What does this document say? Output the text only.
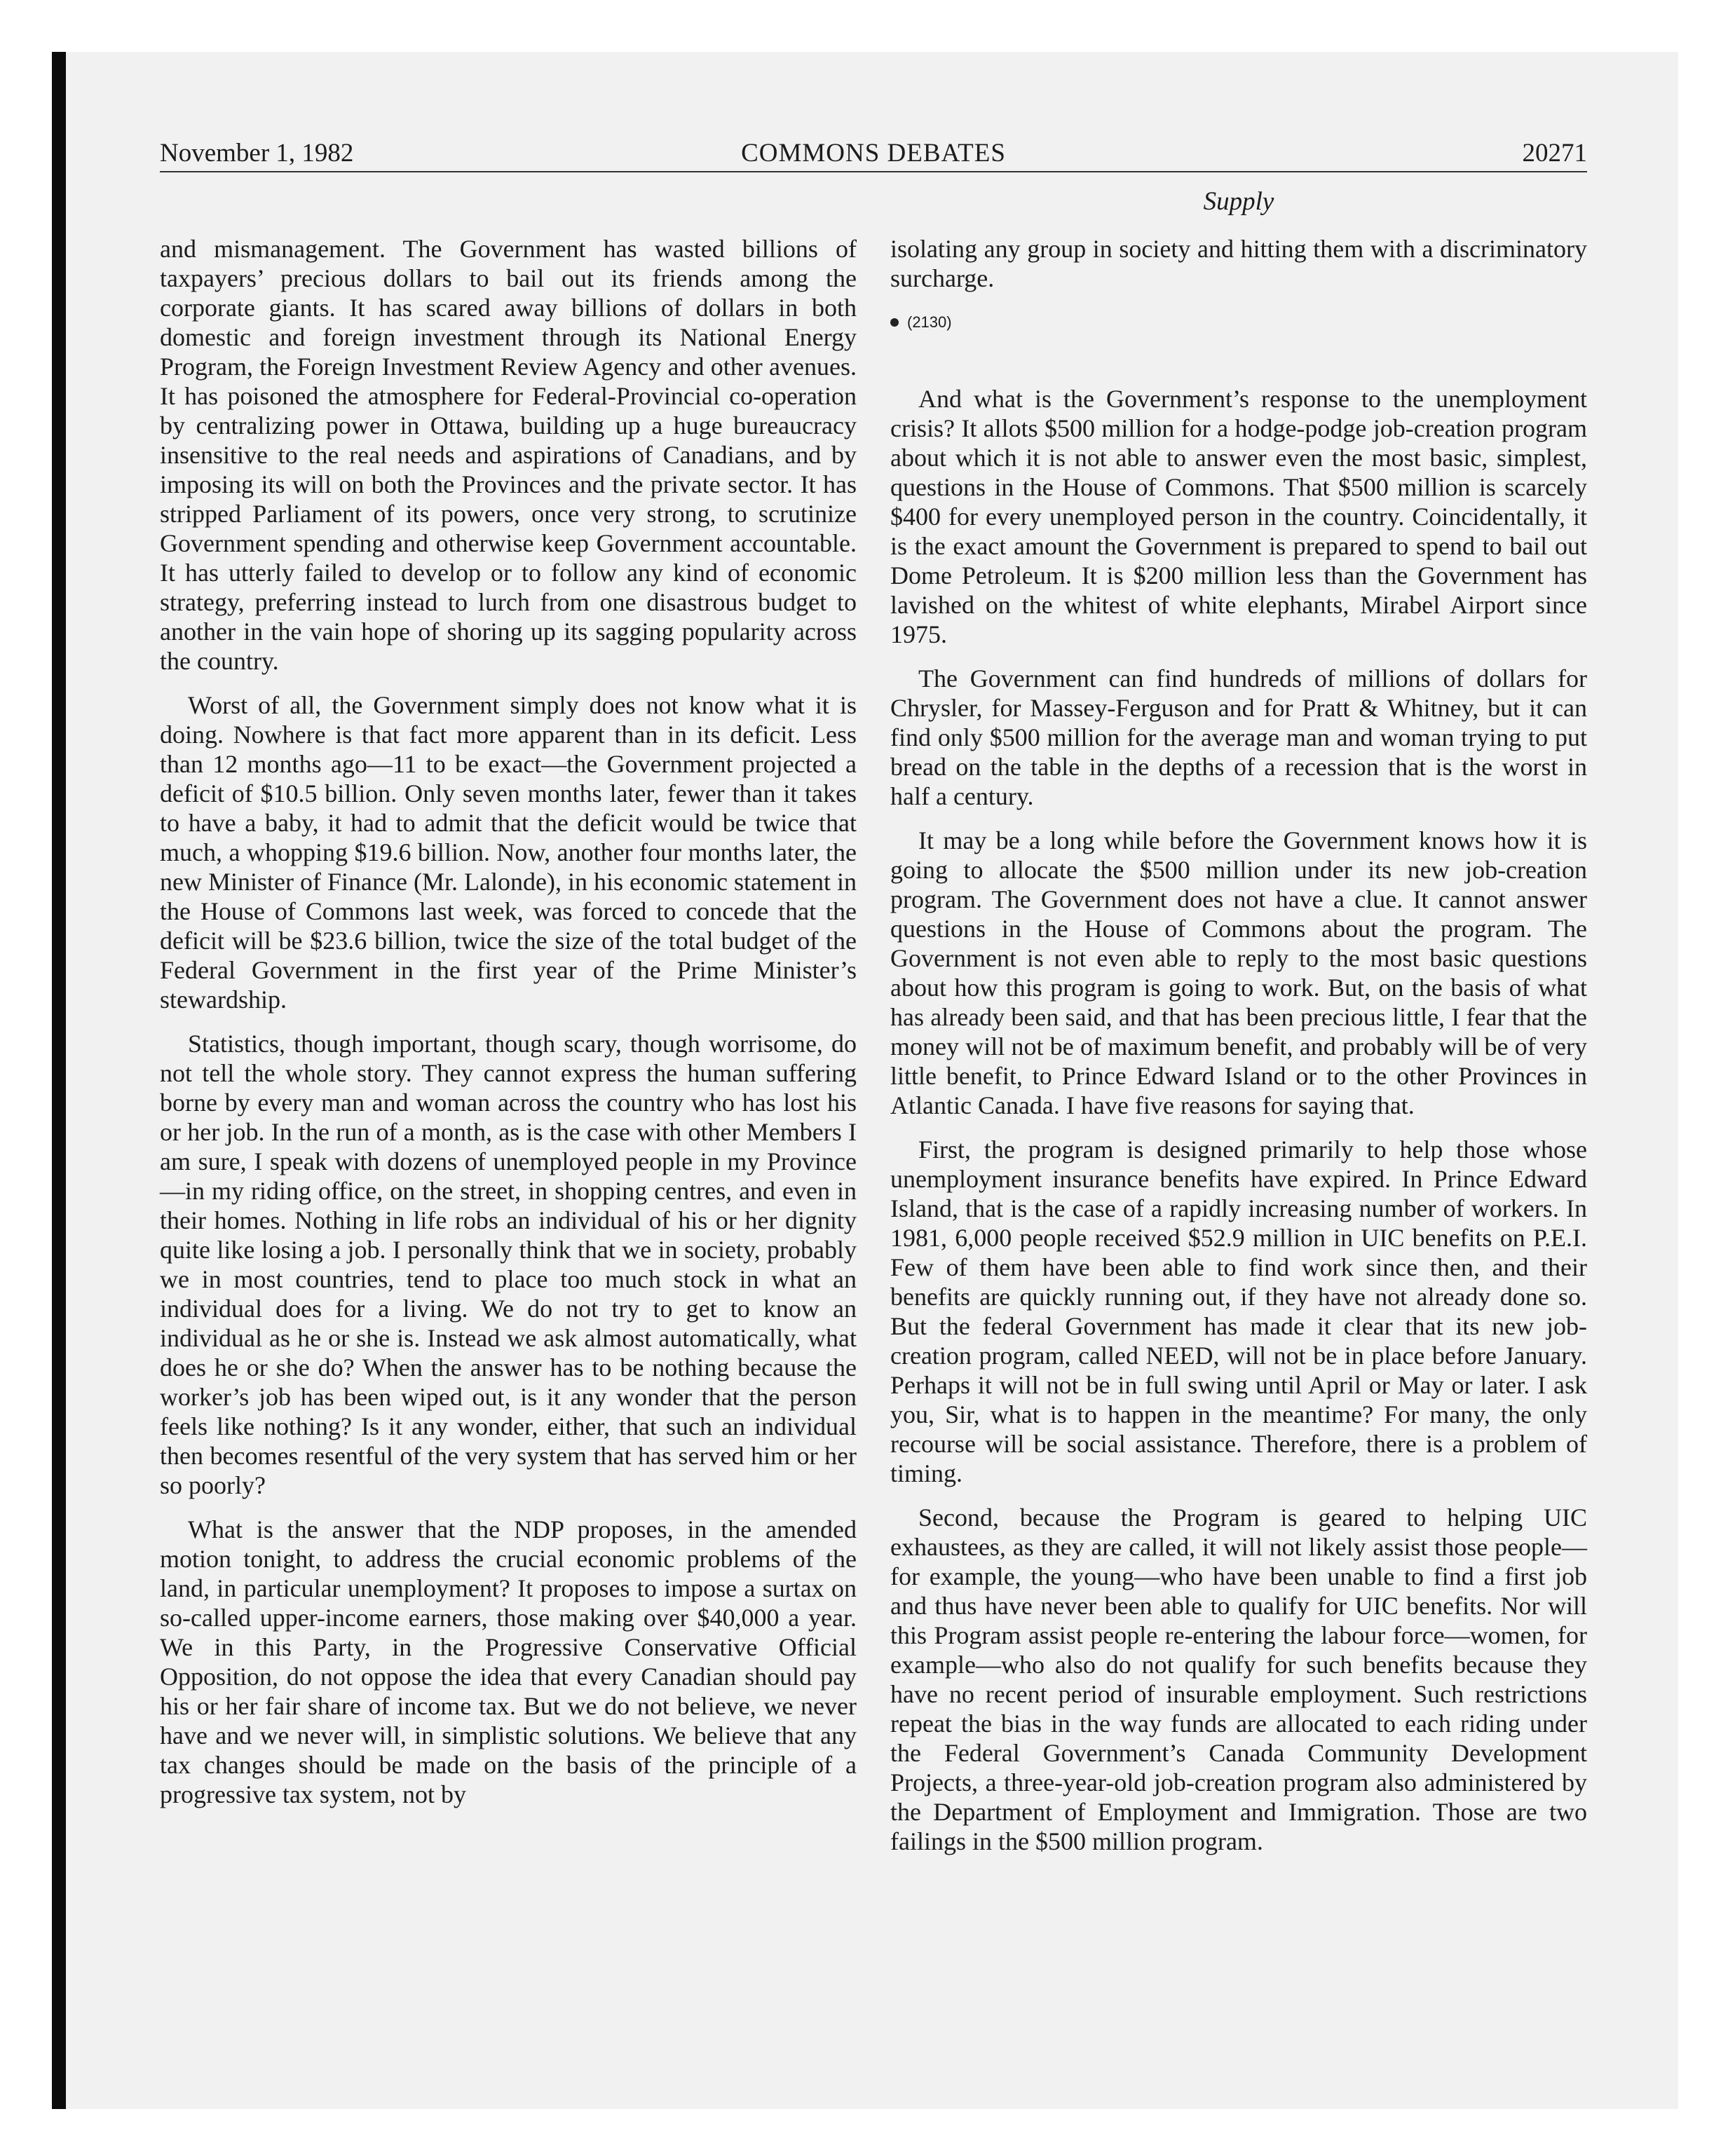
November 1, 1982	COMMONS DEBATES	20271
Supply

and mismanagement. The Government has wasted billions of taxpayers’ precious dollars to bail out its friends among the corporate giants. It has scared away billions of dollars in both domestic and foreign investment through its National Energy Program, the Foreign Investment Review Agency and other avenues. It has poisoned the atmosphere for Federal-Provincial co-operation by centralizing power in Ottawa, building up a huge bureaucracy insensitive to the real needs and aspirations of Canadians, and by imposing its will on both the Provinces and the private sector. It has stripped Parliament of its powers, once very strong, to scrutinize Government spending and otherwise keep Government accountable. It has utterly failed to develop or to follow any kind of economic strategy, preferring instead to lurch from one disastrous budget to another in the vain hope of shoring up its sagging popularity across the country.

Worst of all, the Government simply does not know what it is doing. Nowhere is that fact more apparent than in its deficit. Less than 12 months ago—11 to be exact—the Government projected a deficit of $10.5 billion. Only seven months later, fewer than it takes to have a baby, it had to admit that the deficit would be twice that much, a whopping $19.6 billion. Now, another four months later, the new Minister of Finance (Mr. Lalonde), in his economic statement in the House of Commons last week, was forced to concede that the deficit will be $23.6 billion, twice the size of the total budget of the Federal Government in the first year of the Prime Minister’s stewardship.

Statistics, though important, though scary, though worrisome, do not tell the whole story. They cannot express the human suffering borne by every man and woman across the country who has lost his or her job. In the run of a month, as is the case with other Members I am sure, I speak with dozens of unemployed people in my Province—in my riding office, on the street, in shopping centres, and even in their homes. Nothing in life robs an individual of his or her dignity quite like losing a job. I personally think that we in society, probably we in most countries, tend to place too much stock in what an individual does for a living. We do not try to get to know an individual as he or she is. Instead we ask almost automatically, what does he or she do? When the answer has to be nothing because the worker’s job has been wiped out, is it any wonder that the person feels like nothing? Is it any wonder, either, that such an individual then becomes resentful of the very system that has served him or her so poorly?

What is the answer that the NDP proposes, in the amended motion tonight, to address the crucial economic problems of the land, in particular unemployment? It proposes to impose a surtax on so-called upper-income earners, those making over $40,000 a year. We in this Party, in the Progressive Conservative Official Opposition, do not oppose the idea that every Canadian should pay his or her fair share of income tax. But we do not believe, we never have and we never will, in simplistic solutions. We believe that any tax changes should be made on the basis of the principle of a progressive tax system, not by

isolating any group in society and hitting them with a discriminatory surcharge.

(2130)

And what is the Government’s response to the unemployment crisis? It allots $500 million for a hodge-podge job-creation program about which it is not able to answer even the most basic, simplest, questions in the House of Commons. That $500 million is scarcely $400 for every unemployed person in the country. Coincidentally, it is the exact amount the Government is prepared to spend to bail out Dome Petroleum. It is $200 million less than the Government has lavished on the whitest of white elephants, Mirabel Airport since 1975.

The Government can find hundreds of millions of dollars for Chrysler, for Massey-Ferguson and for Pratt & Whitney, but it can find only $500 million for the average man and woman trying to put bread on the table in the depths of a recession that is the worst in half a century.

It may be a long while before the Government knows how it is going to allocate the $500 million under its new job-creation program. The Government does not have a clue. It cannot answer questions in the House of Commons about the program. The Government is not even able to reply to the most basic questions about how this program is going to work. But, on the basis of what has already been said, and that has been precious little, I fear that the money will not be of maximum benefit, and probably will be of very little benefit, to Prince Edward Island or to the other Provinces in Atlantic Canada. I have five reasons for saying that.

First, the program is designed primarily to help those whose unemployment insurance benefits have expired. In Prince Edward Island, that is the case of a rapidly increasing number of workers. In 1981, 6,000 people received $52.9 million in UIC benefits on P.E.I. Few of them have been able to find work since then, and their benefits are quickly running out, if they have not already done so. But the federal Government has made it clear that its new job-creation program, called NEED, will not be in place before January. Perhaps it will not be in full swing until April or May or later. I ask you, Sir, what is to happen in the meantime? For many, the only recourse will be social assistance. Therefore, there is a problem of timing.

Second, because the Program is geared to helping UIC exhaustees, as they are called, it will not likely assist those people—for example, the young—who have been unable to find a first job and thus have never been able to qualify for UIC benefits. Nor will this Program assist people re-entering the labour force—women, for example—who also do not qualify for such benefits because they have no recent period of insurable employment. Such restrictions repeat the bias in the way funds are allocated to each riding under the Federal Government’s Canada Community Development Projects, a three-year-old job-creation program also administered by the Department of Employment and Immigration. Those are two failings in the $500 million program.
